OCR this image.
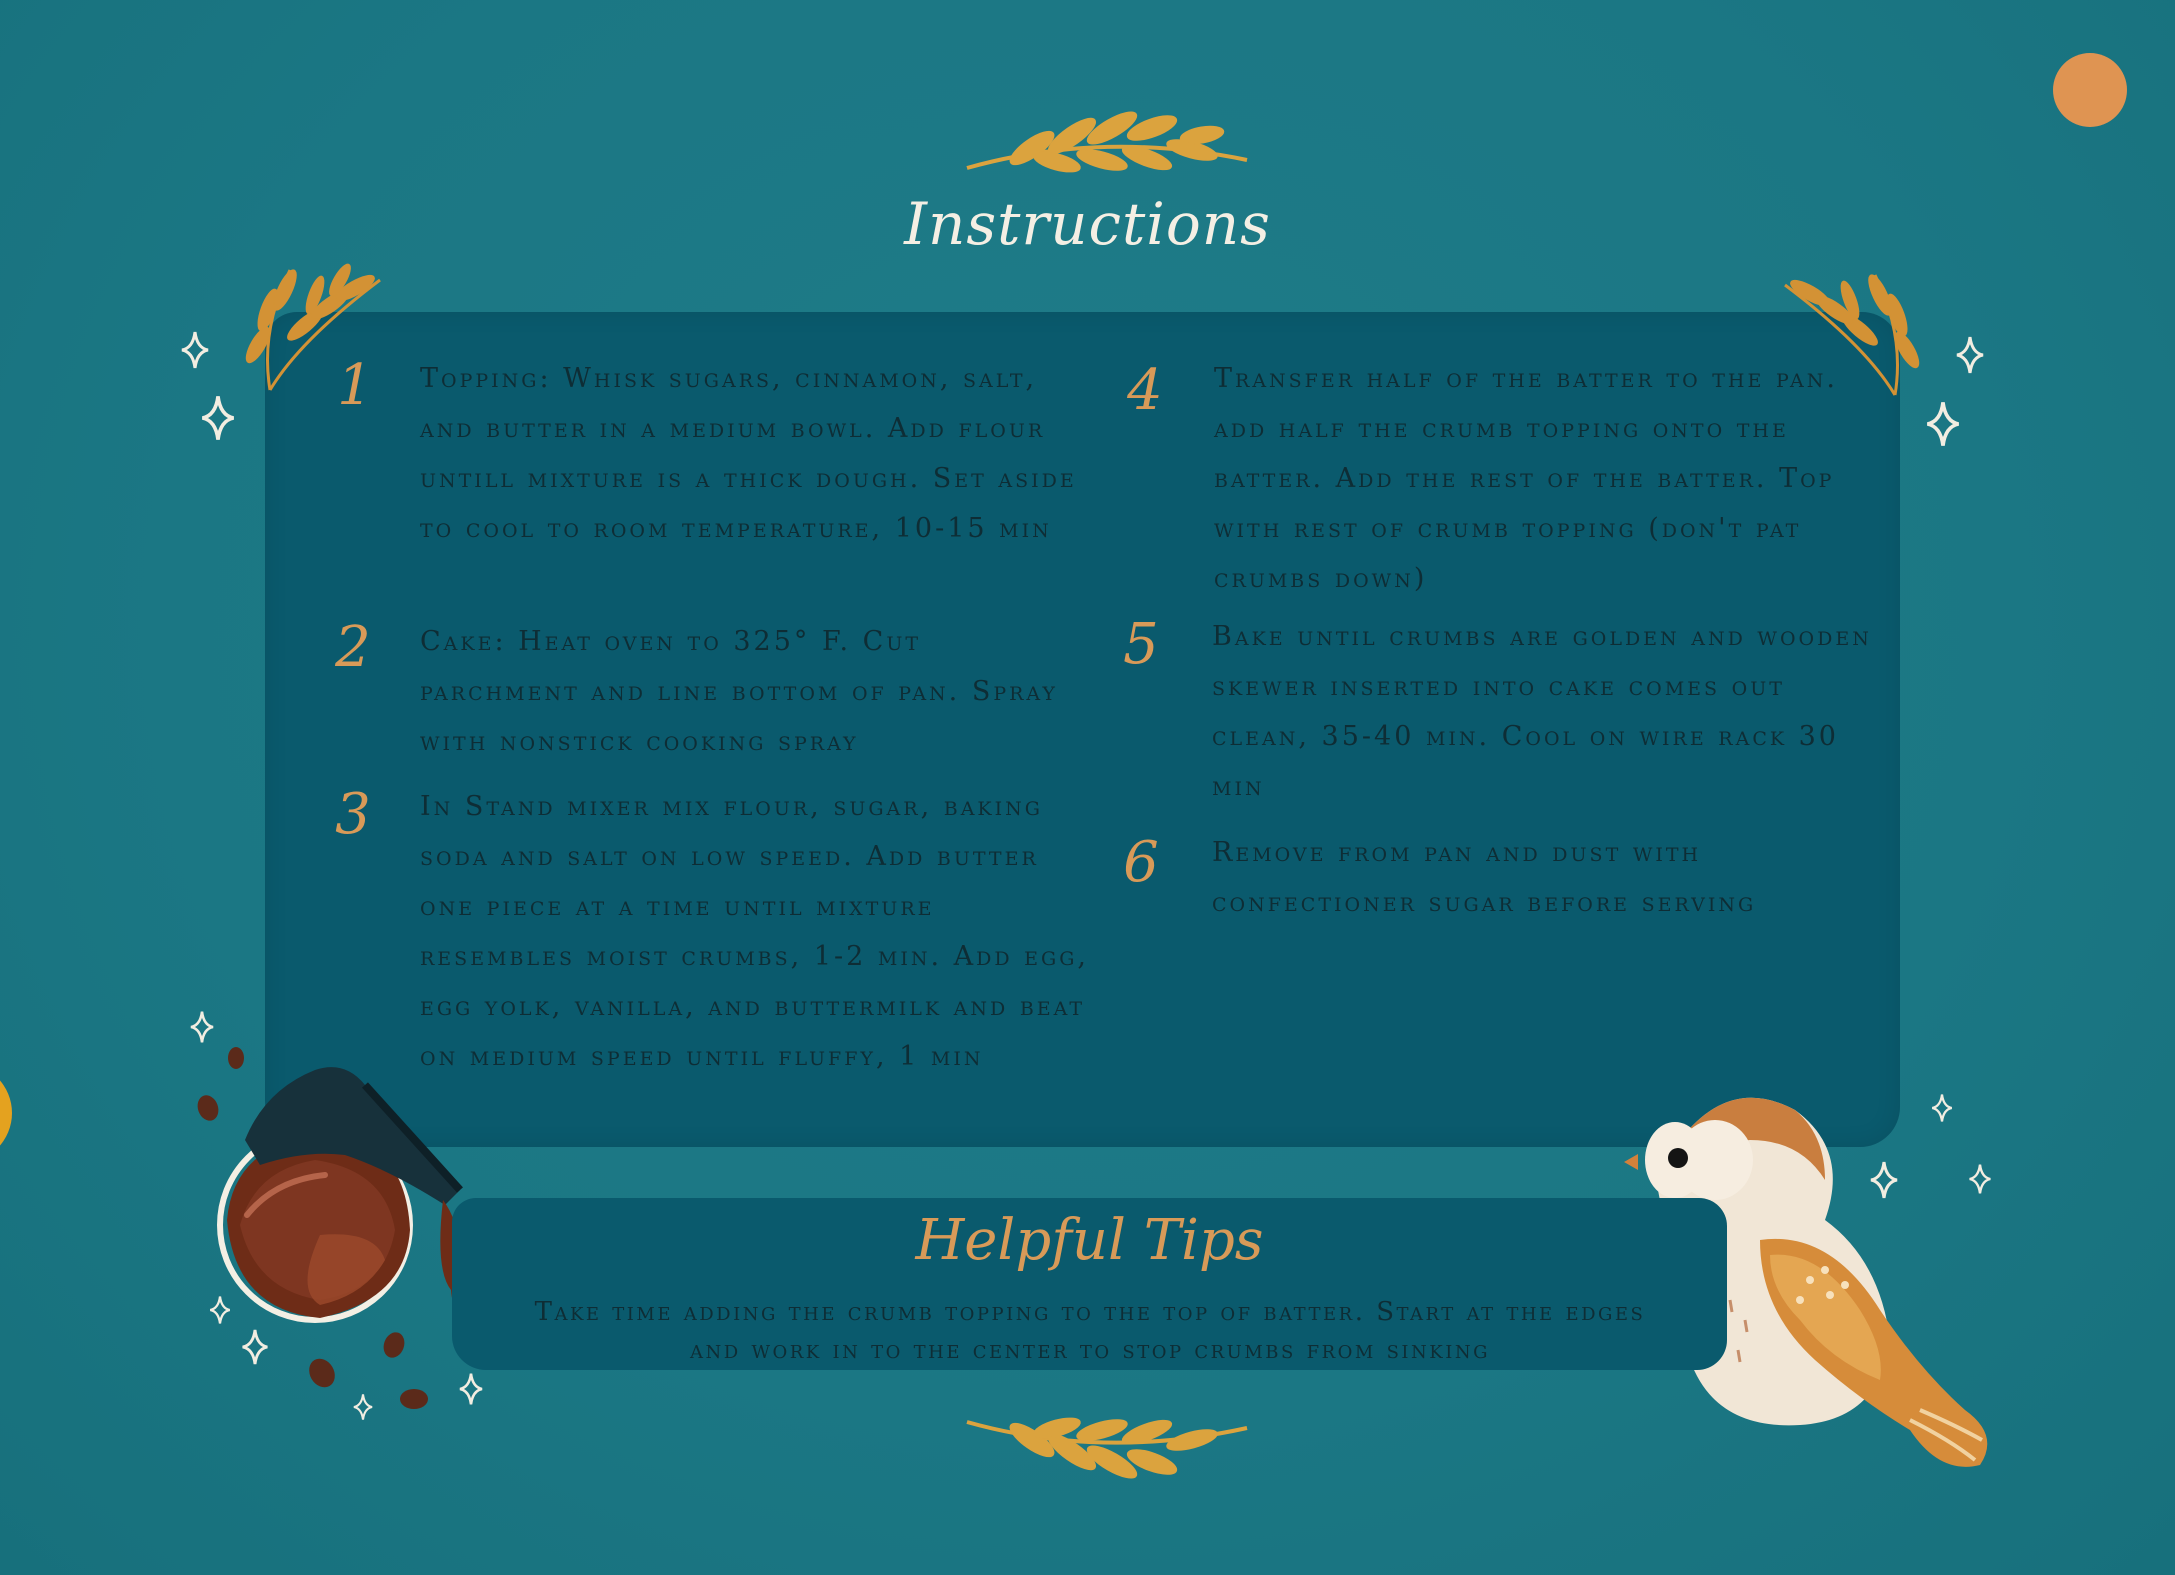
Instructions
1	Topping: Whisk sugars, cinnamon, salt, and butter in a medium bowl. Add flour untill mixture is a thick dough. Set aside to cool to room temperature, 10-15 min
2	Cake: Heat oven to 325° F. Cut parchment and line bottom of pan. Spray with nonstick cooking spray
3	In Stand mixer mix flour, sugar, baking soda and salt on low speed. Add butter one piece at a time until mixture resembles moist crumbs, 1-2 min. Add egg, egg yolk, vanilla, and buttermilk and beat on medium speed until fluffy, 1 min
4	Transfer half of the batter to the pan. add half the crumb topping onto the batter. Add the rest of the batter. Top with rest of crumb topping (don't pat crumbs down)
5	Bake until crumbs are golden and wooden skewer inserted into cake comes out clean, 35-40 min. Cool on wire rack 30 min
6	Remove from pan and dust with confectioner sugar before serving
Helpful Tips
Take time adding the crumb topping to the top of batter. Start at the edges and work in to the center to stop crumbs from sinking
